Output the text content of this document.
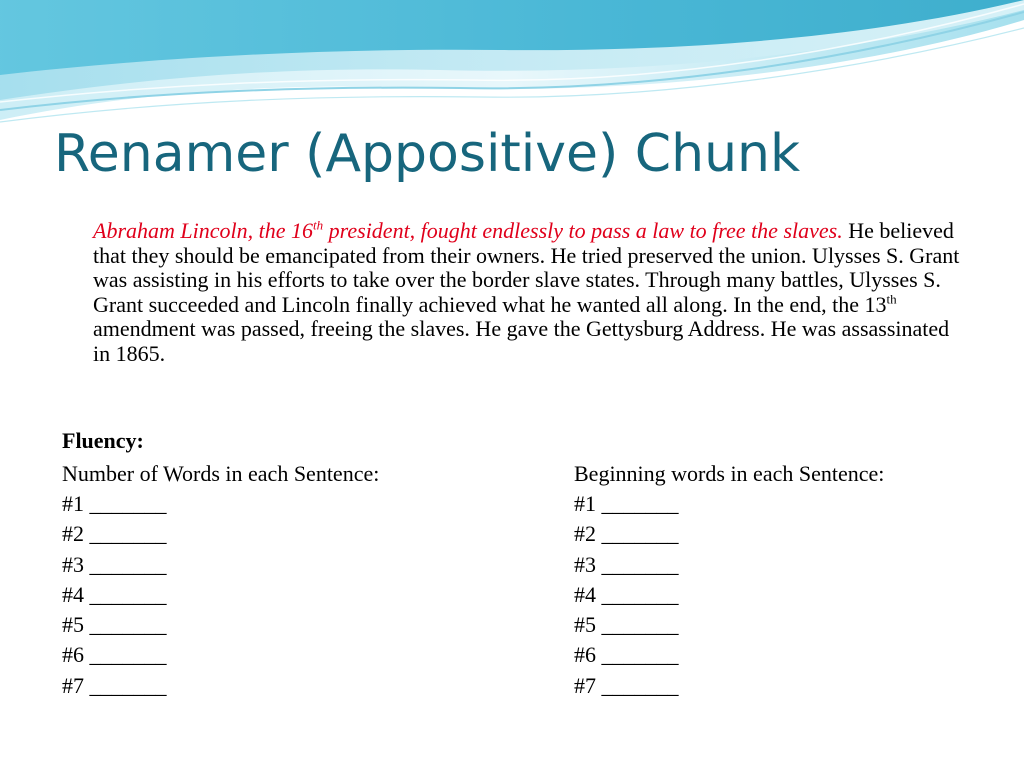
Renamer (Appositive) Chunk

Abraham Lincoln, the 16th president, fought endlessly to pass a law to free the slaves. He believed that they should be emancipated from their owners. He tried preserved the union. Ulysses S. Grant was assisting in his efforts to take over the border slave states. Through many battles, Ulysses S. Grant succeeded and Lincoln finally achieved what he wanted all along. In the end, the 13th amendment was passed, freeing the slaves. He gave the Gettysburg Address. He was assassinated in 1865.

Fluency:
Number of Words in each Sentence:
#1 _______
#2 _______
#3 _______
#4 _______
#5 _______
#6 _______
#7 _______
Beginning words in each Sentence:
#1 _______
#2 _______
#3 _______
#4 _______
#5 _______
#6 _______
#7 _______
